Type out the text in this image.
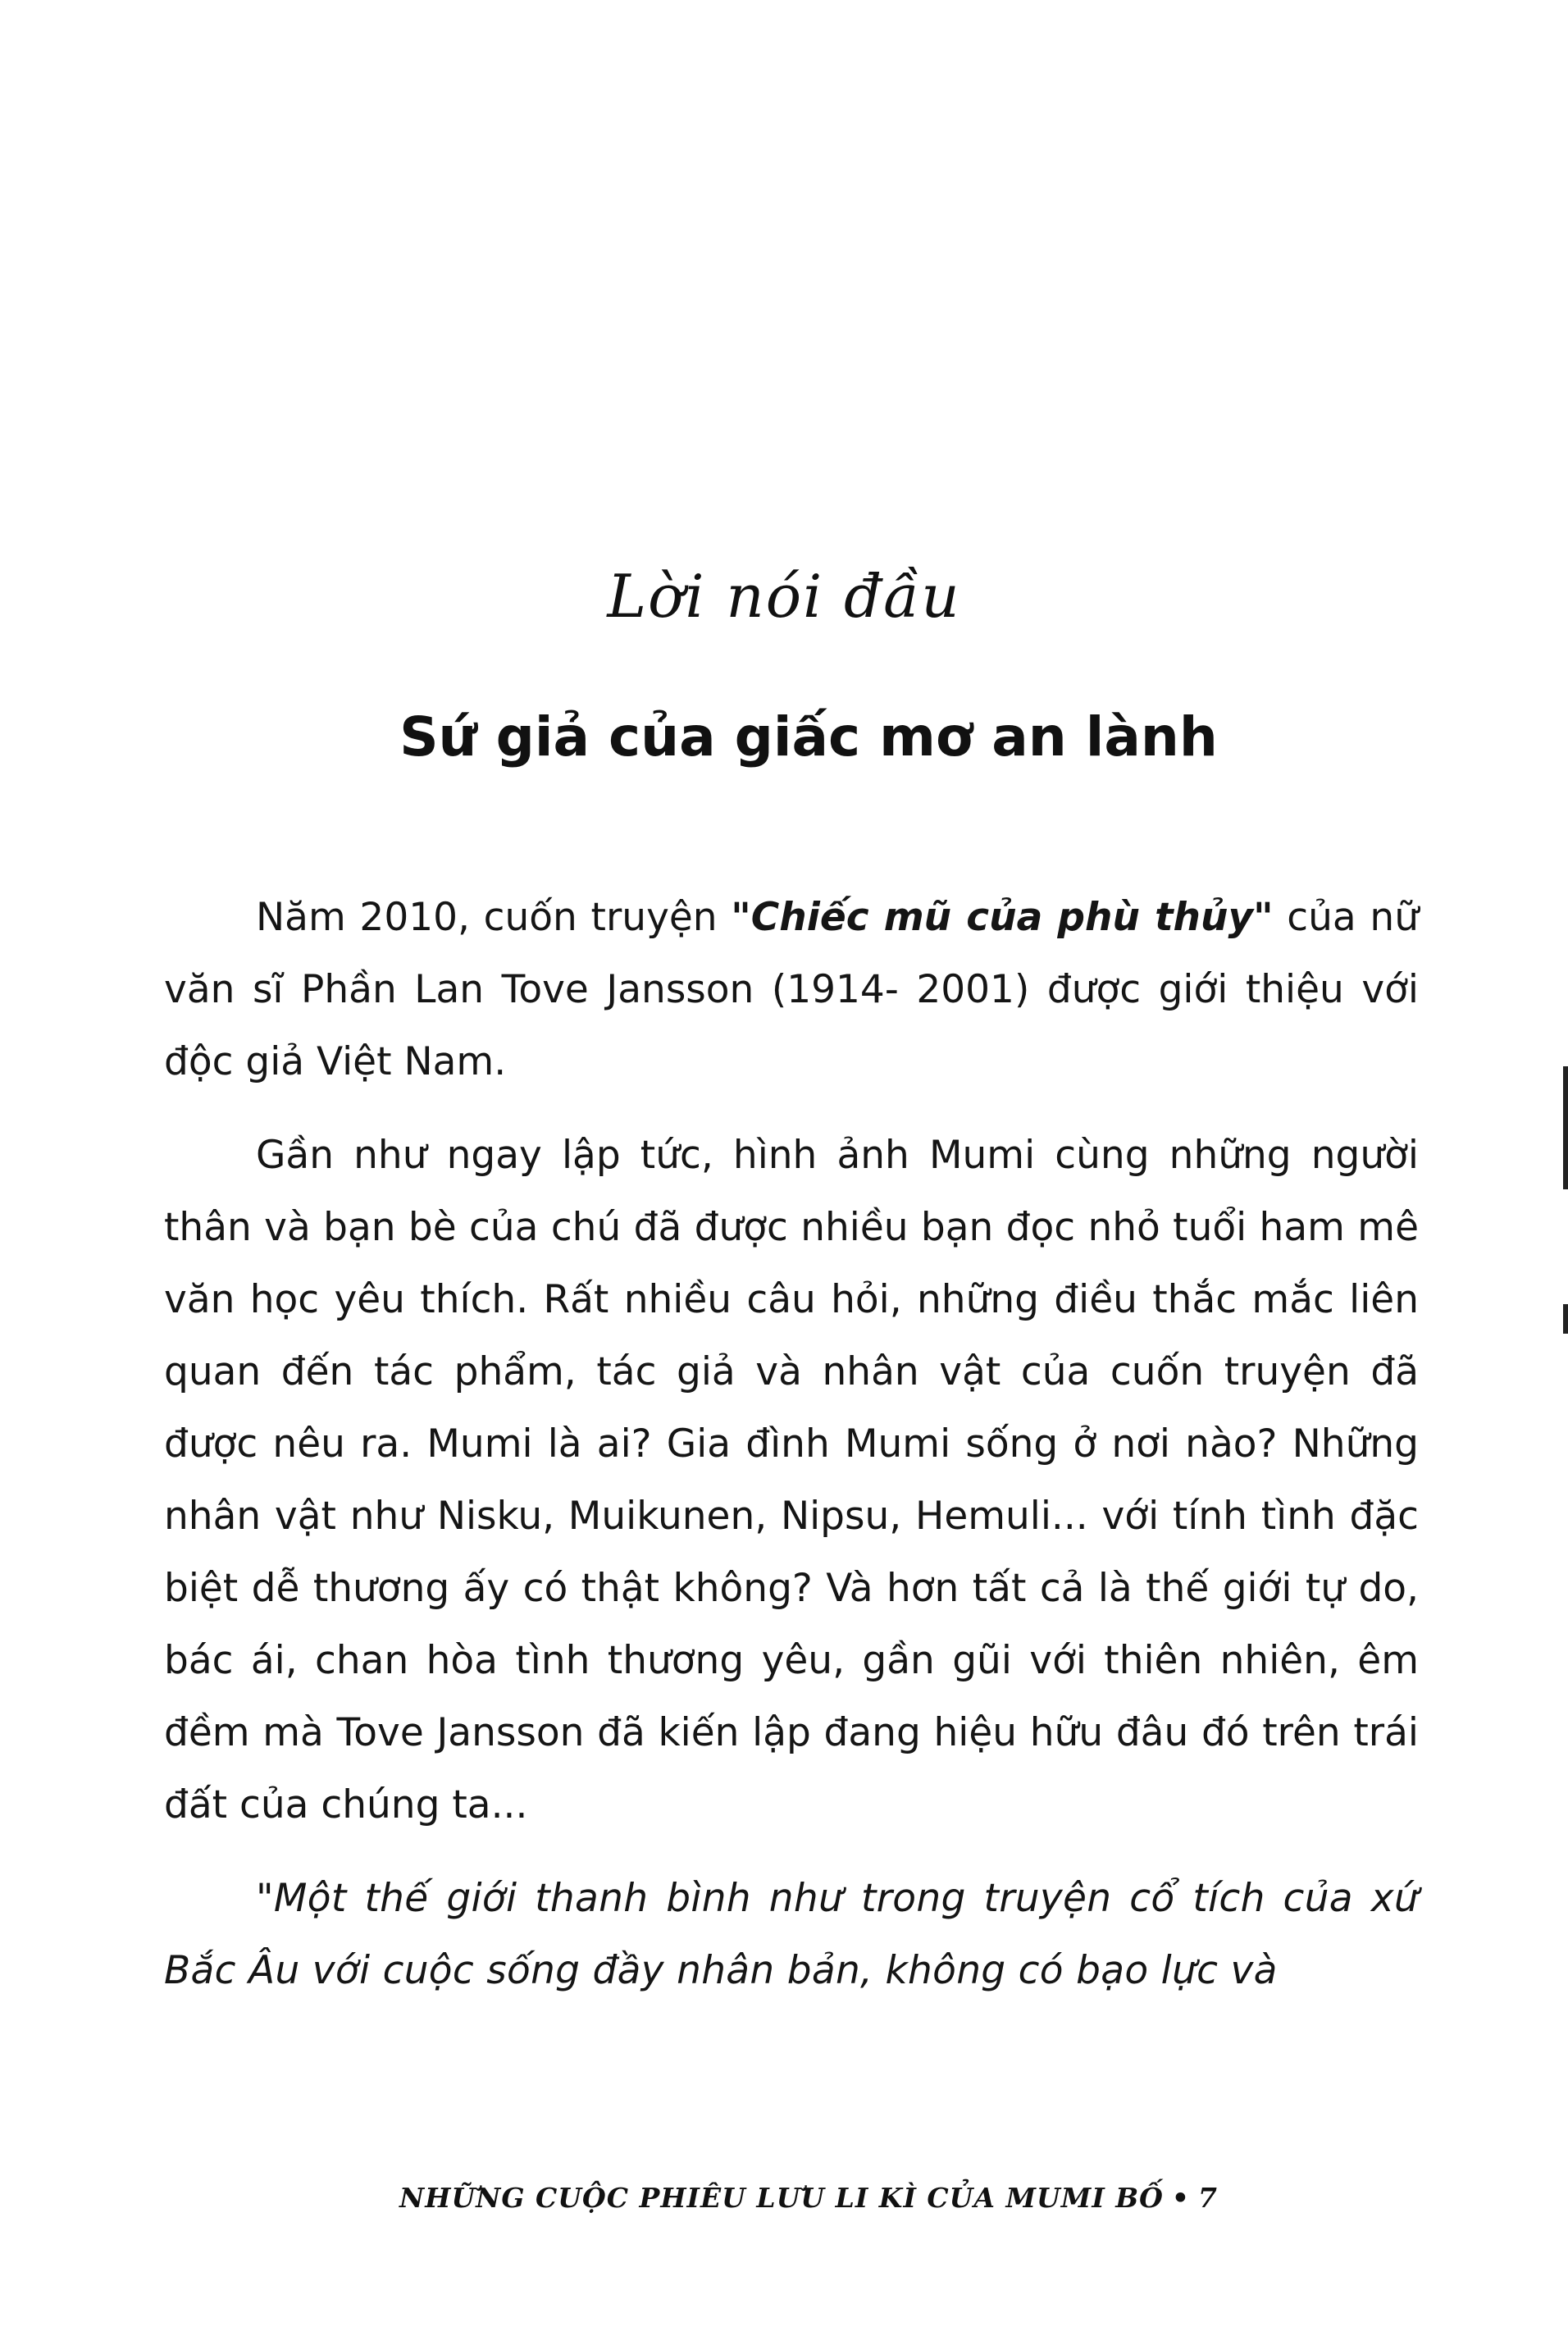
Lời nói đầu
Sứ giả của giấc mơ an lành

Năm 2010, cuốn truyện "Chiếc mũ của phù thủy" của nữ văn sĩ Phần Lan Tove Jansson (1914- 2001) được giới thiệu với độc giả Việt Nam.

Gần như ngay lập tức, hình ảnh Mumi cùng những người thân và bạn bè của chú đã được nhiều bạn đọc nhỏ tuổi ham mê văn học yêu thích. Rất nhiều câu hỏi, những điều thắc mắc liên quan đến tác phẩm, tác giả và nhân vật của cuốn truyện đã được nêu ra. Mumi là ai? Gia đình Mumi sống ở nơi nào? Những nhân vật như Nisku, Muikunen, Nipsu, Hemuli... với tính tình đặc biệt dễ thương ấy có thật không? Và hơn tất cả là thế giới tự do, bác ái, chan hòa tình thương yêu, gần gũi với thiên nhiên, êm đềm mà Tove Jansson đã kiến lập đang hiệu hữu đâu đó trên trái đất của chúng ta...

"Một thế giới thanh bình như trong truyện cổ tích của xứ Bắc Âu với cuộc sống đầy nhân bản, không có bạo lực và

NHỮNG CUỘC PHIÊU LƯU LI KÌ CỦA MUMI BỐ • 7
